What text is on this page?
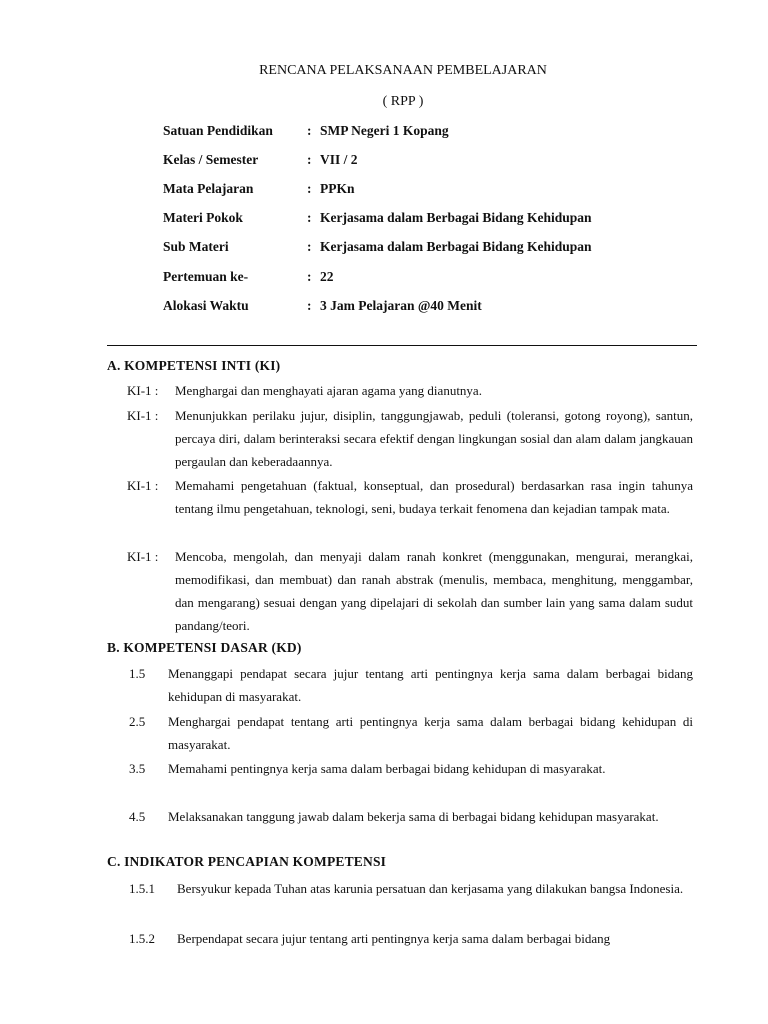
RENCANA PELAKSANAAN PEMBELAJARAN
( RPP )
Satuan Pendidikan	: SMP Negeri 1 Kopang
Kelas / Semester	: VII / 2
Mata Pelajaran	: PPKn
Materi Pokok	: Kerjasama dalam Berbagai Bidang Kehidupan
Sub Materi	: Kerjasama dalam Berbagai Bidang Kehidupan
Pertemuan ke-	: 22
Alokasi Waktu	: 3 Jam Pelajaran @40 Menit
A. KOMPETENSI INTI (KI)
KI-1 : Menghargai dan menghayati ajaran agama yang dianutnya.
KI-1 : Menunjukkan perilaku jujur, disiplin, tanggungjawab, peduli (toleransi, gotong royong), santun, percaya diri, dalam berinteraksi secara efektif dengan lingkungan sosial dan alam dalam jangkauan pergaulan dan keberadaannya.
KI-1 : Memahami pengetahuan (faktual, konseptual, dan prosedural) berdasarkan rasa ingin tahunya tentang ilmu pengetahuan, teknologi, seni, budaya terkait fenomena dan kejadian tampak mata.
KI-1 : Mencoba, mengolah, dan menyaji dalam ranah konkret (menggunakan, mengurai, merangkai, memodifikasi, dan membuat) dan ranah abstrak (menulis, membaca, menghitung, menggambar, dan mengarang) sesuai dengan yang dipelajari di sekolah dan sumber lain yang sama dalam sudut pandang/teori.
B. KOMPETENSI DASAR (KD)
1.5 Menanggapi pendapat secara jujur tentang arti pentingnya kerja sama dalam berbagai bidang kehidupan di masyarakat.
2.5 Menghargai pendapat tentang arti pentingnya kerja sama dalam berbagai bidang kehidupan di masyarakat.
3.5 Memahami pentingnya kerja sama dalam berbagai bidang kehidupan di masyarakat.
4.5 Melaksanakan tanggung jawab dalam bekerja sama di berbagai bidang kehidupan masyarakat.
C. INDIKATOR PENCAPIAN KOMPETENSI
1.5.1 Bersyukur kepada Tuhan atas karunia persatuan dan kerjasama yang dilakukan bangsa Indonesia.
1.5.2 Berpendapat secara jujur tentang arti pentingnya kerja sama dalam berbagai bidang
